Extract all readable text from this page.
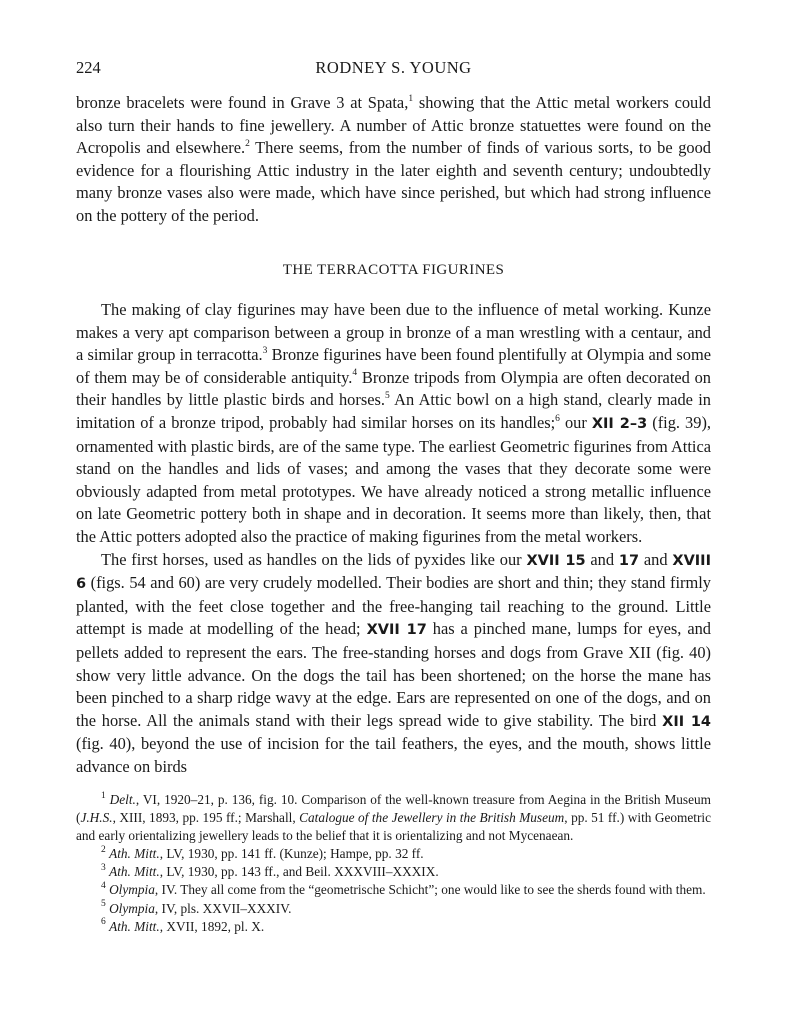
224	RODNEY S. YOUNG

bronze bracelets were found in Grave 3 at Spata,$^1$ showing that the Attic metal workers could also turn their hands to fine jewellery. A number of Attic bronze statuettes were found on the Acropolis and elsewhere.$^2$ There seems, from the number of finds of various sorts, to be good evidence for a flourishing Attic industry in the later eighth and seventh century; undoubtedly many bronze vases also were made, which have since perished, but which had strong influence on the pottery of the period.

THE TERRACOTTA FIGURINES

The making of clay figurines may have been due to the influence of metal working. Kunze makes a very apt comparison between a group in bronze of a man wrestling with a centaur, and a similar group in terracotta.$^3$ Bronze figurines have been found plentifully at Olympia and some of them may be of considerable antiquity.$^4$ Bronze tripods from Olympia are often decorated on their handles by little plastic birds and horses.$^5$ An Attic bowl on a high stand, clearly made in imitation of a bronze tripod, probably had similar horses on its handles;$^6$ our XII 2–3 (fig. 39), ornamented with plastic birds, are of the same type. The earliest Geometric figurines from Attica stand on the handles and lids of vases; and among the vases that they decorate some were obviously adapted from metal prototypes. We have already noticed a strong metallic influence on late Geometric pottery both in shape and in decoration. It seems more than likely, then, that the Attic potters adopted also the practice of making figurines from the metal workers.

The first horses, used as handles on the lids of pyxides like our XVII 15 and 17 and XVIII 6 (figs. 54 and 60) are very crudely modelled. Their bodies are short and thin; they stand firmly planted, with the feet close together and the free-hanging tail reaching to the ground. Little attempt is made at modelling of the head; XVII 17 has a pinched mane, lumps for eyes, and pellets added to represent the ears. The free-standing horses and dogs from Grave XII (fig. 40) show very little advance. On the dogs the tail has been shortened; on the horse the mane has been pinched to a sharp ridge wavy at the edge. Ears are represented on one of the dogs, and on the horse. All the animals stand with their legs spread wide to give stability. The bird XII 14 (fig. 40), beyond the use of incision for the tail feathers, the eyes, and the mouth, shows little advance on birds

$^1$ Delt., VI, 1920–21, p. 136, fig. 10. Comparison of the well-known treasure from Aegina in the British Museum (J.H.S., XIII, 1893, pp. 195 ff.; Marshall, Catalogue of the Jewellery in the British Museum, pp. 51 ff.) with Geometric and early orientalizing jewellery leads to the belief that it is orientalizing and not Mycenaean.

$^2$ Ath. Mitt., LV, 1930, pp. 141 ff. (Kunze); Hampe, pp. 32 ff.

$^3$ Ath. Mitt., LV, 1930, pp. 143 ff., and Beil. XXXVIII–XXXIX.

$^4$ Olympia, IV. They all come from the “geometrische Schicht”; one would like to see the sherds found with them.

$^5$ Olympia, IV, pls. XXVII–XXXIV.

$^6$ Ath. Mitt., XVII, 1892, pl. X.
